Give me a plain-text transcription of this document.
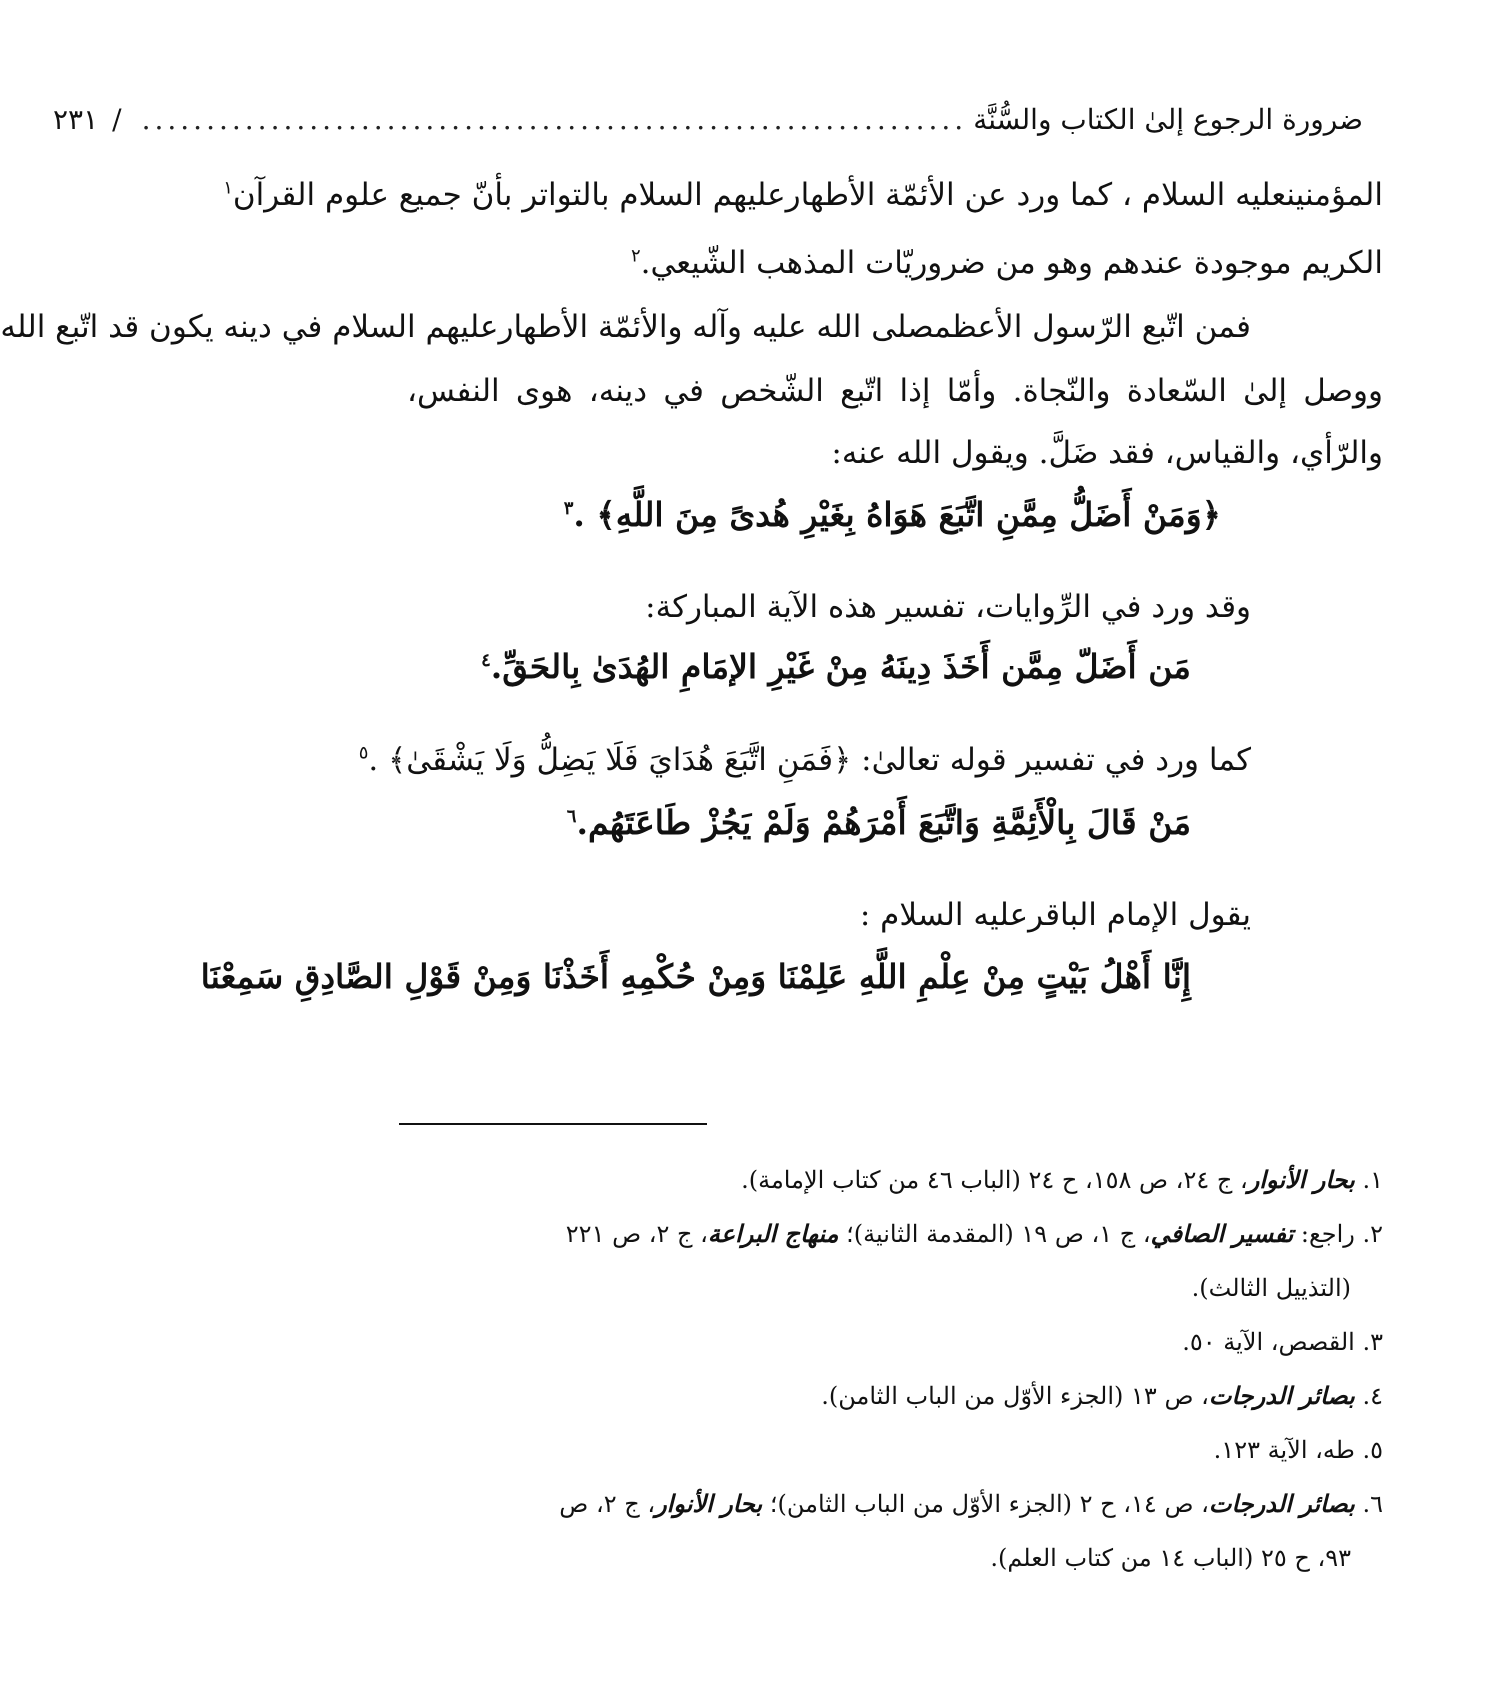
ضرورة الرجوع إلىٰ الكتاب والسُّنَّة
................................................................
/
٢٣١
المؤمنينعليه السلام ، كما ورد عن الأئمّة الأطهارعليهم السلام بالتواتر بأنّ جميع علوم القرآن$^١$
الكريم موجودة عندهم وهو من ضروريّات المذهب الشّيعي.$^٢$
فمن اتّبع الرّسول الأعظمصلى الله عليه وآله والأئمّة الأطهارعليهم السلام في دينه يكون قد اتّبع الله
ووصل إلىٰ السّعادة والنّجاة. وأمّا إذا اتّبع الشّخص في دينه، هوى النفس،
والرّأي، والقياس، فقد ضَلَّ. ويقول الله عنه:
﴿وَمَنْ أَضَلُّ مِمَّنِ اتَّبَعَ هَوَاهُ بِغَيْرِ هُدىً مِنَ اللَّهِ﴾ .$^٣$
وقد ورد في الرِّوايات، تفسير هذه الآية المباركة:
مَن أَضَلّ مِمَّن أَخَذَ دِينَهُ مِنْ غَيْرِ الإمَامِ الهُدَىٰ بِالحَقِّ.$^٤$
كما ورد في تفسير قوله تعالىٰ: ﴿فَمَنِ اتَّبَعَ هُدَايَ فَلَا يَضِلُّ وَلَا يَشْقَىٰ﴾ .$^٥$
مَنْ قَالَ بِالْأَئِمَّةِ وَاتَّبَعَ أَمْرَهُمْ وَلَمْ يَجُزْ طَاعَتَهُم.$^٦$
يقول الإمام الباقرعليه السلام :
إِنَّا أَهْلُ بَيْتٍ مِنْ عِلْمِ اللَّهِ عَلِمْنَا وَمِنْ حُكْمِهِ أَخَذْنَا وَمِنْ قَوْلِ الصَّادِقِ سَمِعْنَا
١. بحار الأنوار، ج ٢٤، ص ١٥٨، ح ٢٤ (الباب ٤٦ من كتاب الإمامة).
٢. راجع: تفسير الصافي، ج ١، ص ١٩ (المقدمة الثانية)؛ منهاج البراعة، ج ٢، ص ٢٢١
(التذييل الثالث).
٣. القصص، الآية ٥٠.
٤. بصائر الدرجات، ص ١٣ (الجزء الأوّل من الباب الثامن).
٥. طه، الآية ١٢٣.
٦. بصائر الدرجات، ص ١٤، ح ٢ (الجزء الأوّل من الباب الثامن)؛ بحار الأنوار، ج ٢، ص
٩٣، ح ٢٥ (الباب ١٤ من كتاب العلم).
